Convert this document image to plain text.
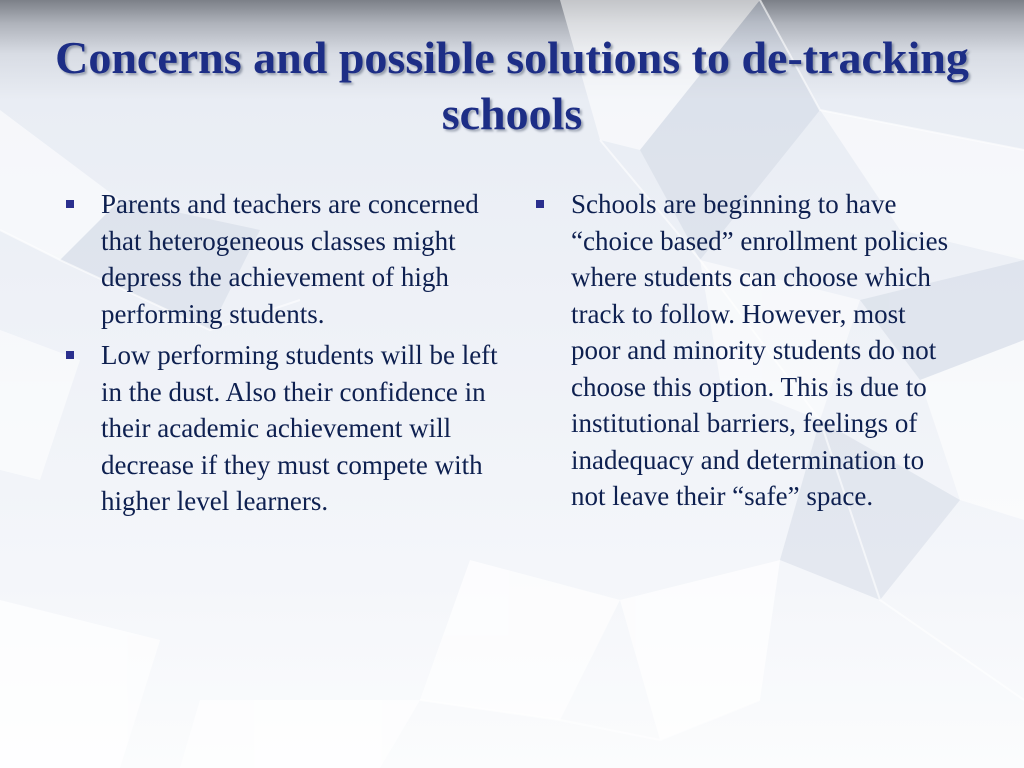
Concerns and possible solutions to de-tracking schools
Parents and teachers are concerned that heterogeneous classes might depress the achievement of high performing students.
Low performing students will be left in the dust. Also their confidence in their academic achievement will decrease if they must compete with higher level learners.
Schools are beginning to have “choice based” enrollment policies where students can choose which track to follow. However, most poor and minority students do not choose this option. This is due to institutional barriers, feelings of inadequacy and determination to not leave their “safe” space.
